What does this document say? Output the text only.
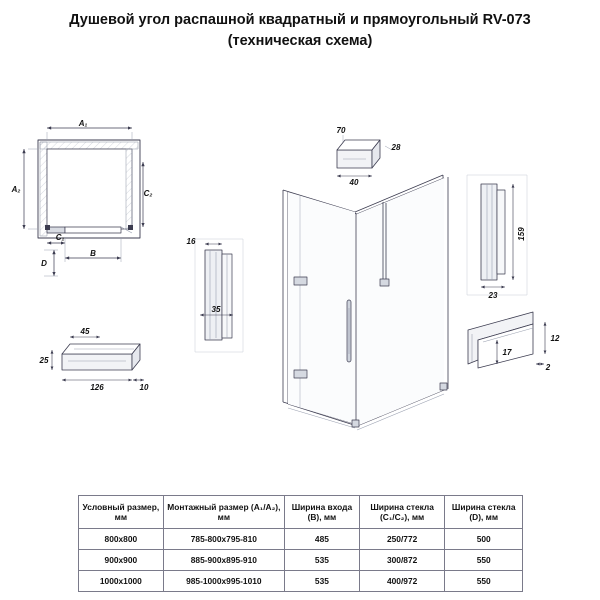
Душевой угол распашной квадратный и прямоугольный RV-073
(техническая схема)
A₁
A₂
C₁
C₂
B
D
16
35
45
25
126	10
40
70
28
159
23
17
12
2
Условный размер, мм	Монтажный размер (A₁/A₂), мм	Ширина входа (B), мм	Ширина стекла (C₁/C₂), мм	Ширина стекла (D), мм
800x800	785-800x795-810	485	250/772	500
900x900	885-900x895-910	535	300/872	550
1000x1000	985-1000x995-1010	535	400/972	550
